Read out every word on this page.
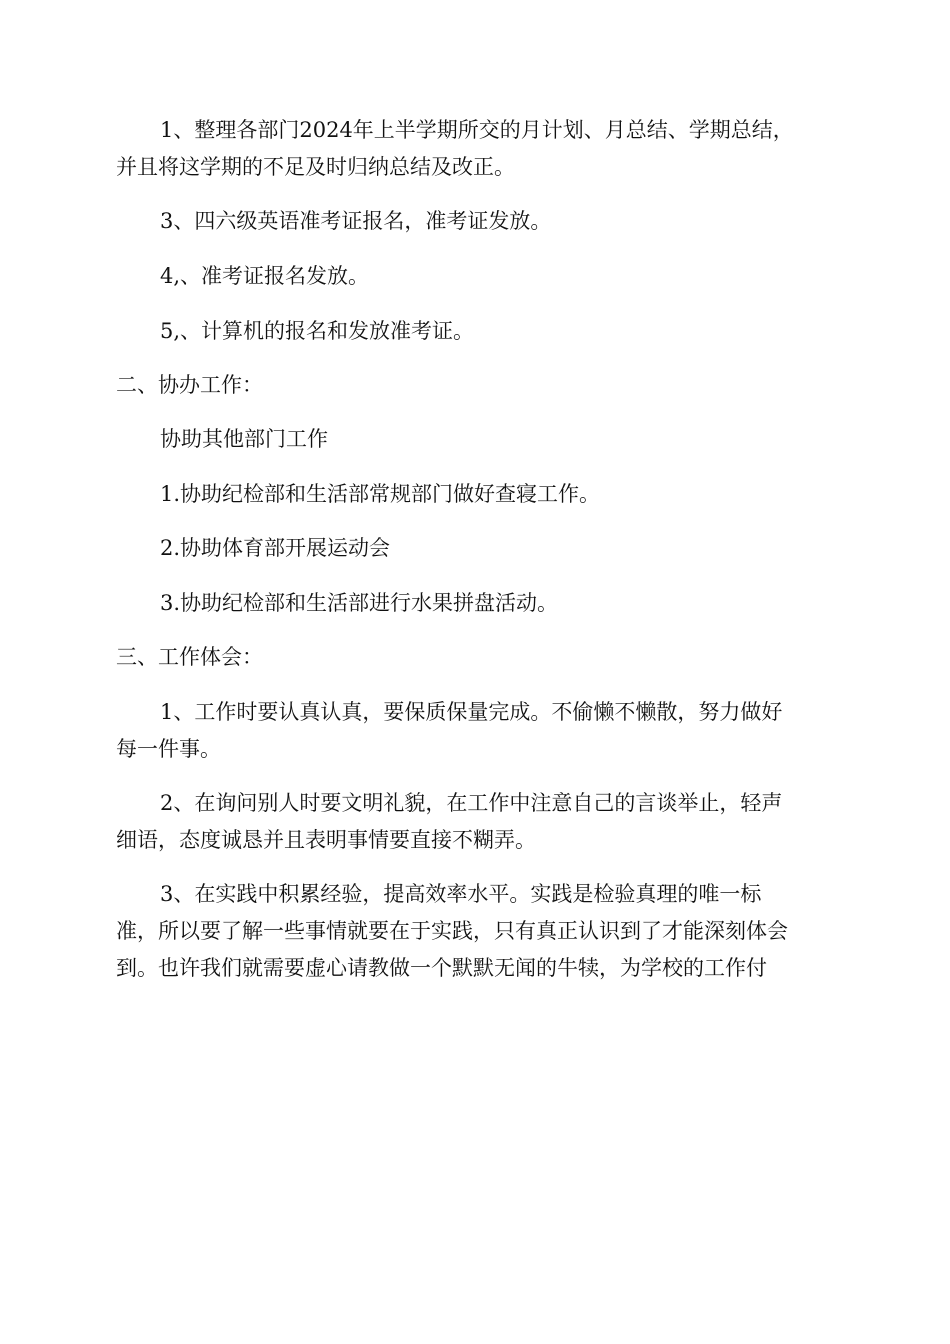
1、整理各部门2024年上半学期所交的月计划、月总结、学期总结，
并且将这学期的不足及时归纳总结及改正。

3、四六级英语准考证报名，准考证发放。

4,、准考证报名发放。

5,、计算机的报名和发放准考证。

二、协办工作：

协助其他部门工作

1.协助纪检部和生活部常规部门做好查寝工作。

2.协助体育部开展运动会

3.协助纪检部和生活部进行水果拼盘活动。

三、工作体会：

1、工作时要认真认真，要保质保量完成。不偷懒不懒散，努力做好
每一件事。

2、在询问别人时要文明礼貌，在工作中注意自己的言谈举止，轻声
细语，态度诚恳并且表明事情要直接不糊弄。

3、在实践中积累经验，提高效率水平。实践是检验真理的唯一标
准，所以要了解一些事情就要在于实践，只有真正认识到了才能深刻体会
到。也许我们就需要虚心请教做一个默默无闻的牛犊，为学校的工作付
